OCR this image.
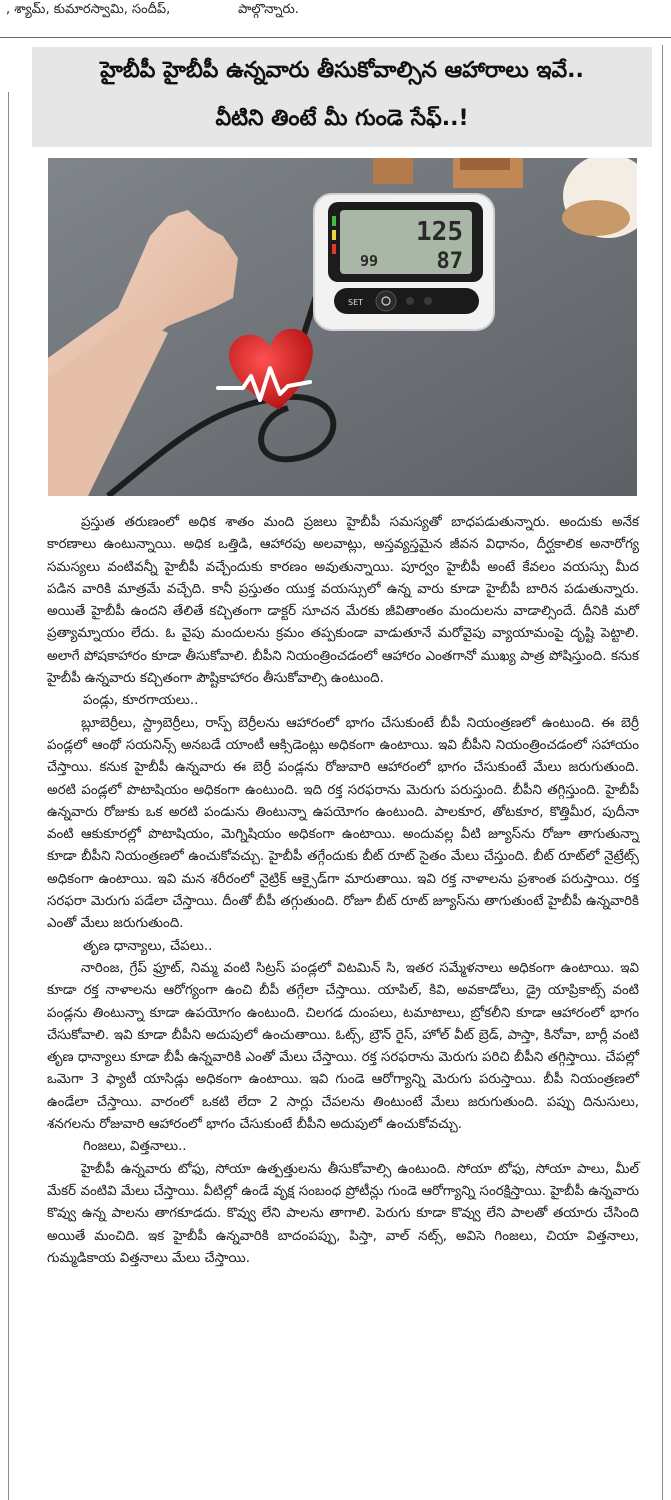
, శ్యామ్, కుమారస్వామి, సందీప్,	పాల్గొన్నారు.

హైబీపీ హైబీపీ ఉన్నవారు తీసుకోవాల్సిన ఆహారాలు ఇవే..

వీటిని తింటే మీ గుండె సేఫ్..!

125
99	87
SET

ప్రస్తుత తరుణంలో అధిక శాతం మంది ప్రజలు హైబీపీ సమస్యతో బాధపడుతున్నారు. అందుకు అనేక కారణాలు ఉంటున్నాయి. అధిక ఒత్తిడి, ఆహారపు అలవాట్లు, అస్తవ్యస్తమైన జీవన విధానం, దీర్ఘకాలిక అనారోగ్య సమస్యలు వంటివన్నీ హైబీపీ వచ్చేందుకు కారణం అవుతున్నాయి. పూర్వం హైబీపీ అంటే కేవలం వయస్సు మీద పడిన వారికి మాత్రమే వచ్చేది. కానీ ప్రస్తుతం యుక్త వయస్సులో ఉన్న వారు కూడా హైబీపీ బారిన పడుతున్నారు. అయితే హైబీపీ ఉందని తేలితే కచ్చితంగా డాక్టర్ సూచన మేరకు జీవితాంతం మందులను వాడాల్సిందే. దీనికి మరో ప్రత్యామ్నాయం లేదు. ఓ వైపు మందులను క్రమం తప్పకుండా వాడుతూనే మరోవైపు వ్యాయామంపై దృష్టి పెట్టాలి. అలాగే పోషకాహారం కూడా తీసుకోవాలి. బీపీని నియంత్రించడంలో ఆహారం ఎంతగానో ముఖ్య పాత్ర పోషిస్తుంది. కనుక హైబీపీ ఉన్నవారు కచ్చితంగా పౌష్టికాహారం తీసుకోవాల్సి ఉంటుంది.

పండ్లు, కూరగాయలు..

బ్లూబెర్రీలు, స్ట్రాబెర్రీలు, రాస్ప్ బెర్రీలను ఆహారంలో భాగం చేసుకుంటే బీపీ నియంత్రణలో ఉంటుంది. ఈ బెర్రీ పండ్లలో ఆంథో సయనిన్స్ అనబడే యాంటీ ఆక్సిడెంట్లు అధికంగా ఉంటాయి. ఇవి బీపీని నియంత్రించడంలో సహాయం చేస్తాయి. కనుక హైబీపీ ఉన్నవారు ఈ బెర్రీ పండ్లను రోజువారి ఆహారంలో భాగం చేసుకుంటే మేలు జరుగుతుంది. అరటి పండ్లలో పొటాషియం అధికంగా ఉంటుంది. ఇది రక్త సరఫరాను మెరుగు పరుస్తుంది. బీపీని తగ్గిస్తుంది. హైబీపీ ఉన్నవారు రోజుకు ఒక అరటి పండును తింటున్నా ఉపయోగం ఉంటుంది. పాలకూర, తోటకూర, కొత్తిమీర, పుదీనా వంటి ఆకుకూరల్లో పొటాషియం, మెగ్నిషియం అధికంగా ఉంటాయి. అందువల్ల వీటి జ్యూస్‌ను రోజూ తాగుతున్నా కూడా బీపీని నియంత్రణలో ఉంచుకోవచ్చు. హైబీపీ తగ్గేందుకు బీట్ రూట్ సైతం మేలు చేస్తుంది. బీట్ రూట్‌లో నైట్రేట్స్ అధికంగా ఉంటాయి. ఇవి మన శరీరంలో నైట్రిక్ ఆక్సైడ్‌గా మారుతాయి. ఇవి రక్త నాళాలను ప్రశాంత పరుస్తాయి. రక్త సరఫరా మెరుగు పడేలా చేస్తాయి. దీంతో బీపీ తగ్గుతుంది. రోజూ బీట్ రూట్ జ్యూస్‌ను తాగుతుంటే హైబీపీ ఉన్నవారికి ఎంతో మేలు జరుగుతుంది.

తృణ ధాన్యాలు, చేపలు..

నారింజ, గ్రేప్ ఫ్రూట్, నిమ్మ వంటి సిట్రస్ పండ్లలో విటమిన్ సి, ఇతర సమ్మేళనాలు అధికంగా ఉంటాయి. ఇవి కూడా రక్త నాళాలను ఆరోగ్యంగా ఉంచి బీపీ తగ్గేలా చేస్తాయి. యాపిల్, కివి, అవకాడోలు, డ్రై యాప్రికాట్స్ వంటి పండ్లను తింటున్నా కూడా ఉపయోగం ఉంటుంది. చిలగడ దుంపలు, టమాటాలు, బ్రోకలీని కూడా ఆహారంలో భాగం చేసుకోవాలి. ఇవి కూడా బీపీని అదుపులో ఉంచుతాయి. ఓట్స్, బ్రౌన్ రైస్, హోల్ వీట్ బ్రెడ్, పాస్తా, కినోవా, బార్లీ వంటి తృణ ధాన్యాలు కూడా బీపీ ఉన్నవారికి ఎంతో మేలు చేస్తాయి. రక్త సరఫరాను మెరుగు పరిచి బీపీని తగ్గిస్తాయి. చేపల్లో ఒమెగా 3 ఫ్యాటీ యాసిడ్లు అధికంగా ఉంటాయి. ఇవి గుండె ఆరోగ్యాన్ని మెరుగు పరుస్తాయి. బీపీ నియంత్రణలో ఉండేలా చేస్తాయి. వారంలో ఒకటి లేదా 2 సార్లు చేపలను తింటుంటే మేలు జరుగుతుంది. పప్పు దినుసులు, శనగలను రోజువారి ఆహారంలో భాగం చేసుకుంటే బీపీని అదుపులో ఉంచుకోవచ్చు.

గింజలు, విత్తనాలు..

హైబీపీ ఉన్నవారు టోఫు, సోయా ఉత్పత్తులను తీసుకోవాల్సి ఉంటుంది. సోయా టోఫు, సోయా పాలు, మీల్ మేకర్ వంటివి మేలు చేస్తాయి. వీటిల్లో ఉండే వృక్ష సంబంధ ప్రోటీన్లు గుండె ఆరోగ్యాన్ని సంరక్షిస్తాయి. హైబీపీ ఉన్నవారు కొవ్వు ఉన్న పాలను తాగకూడదు. కొవ్వు లేని పాలను తాగాలి. పెరుగు కూడా కొవ్వు లేని పాలతో తయారు చేసింది అయితే మంచిది. ఇక హైబీపీ ఉన్నవారికి బాదంపప్పు, పిస్తా, వాల్ నట్స్, అవిసె గింజలు, చియా విత్తనాలు, గుమ్మడికాయ విత్తనాలు మేలు చేస్తాయి.
